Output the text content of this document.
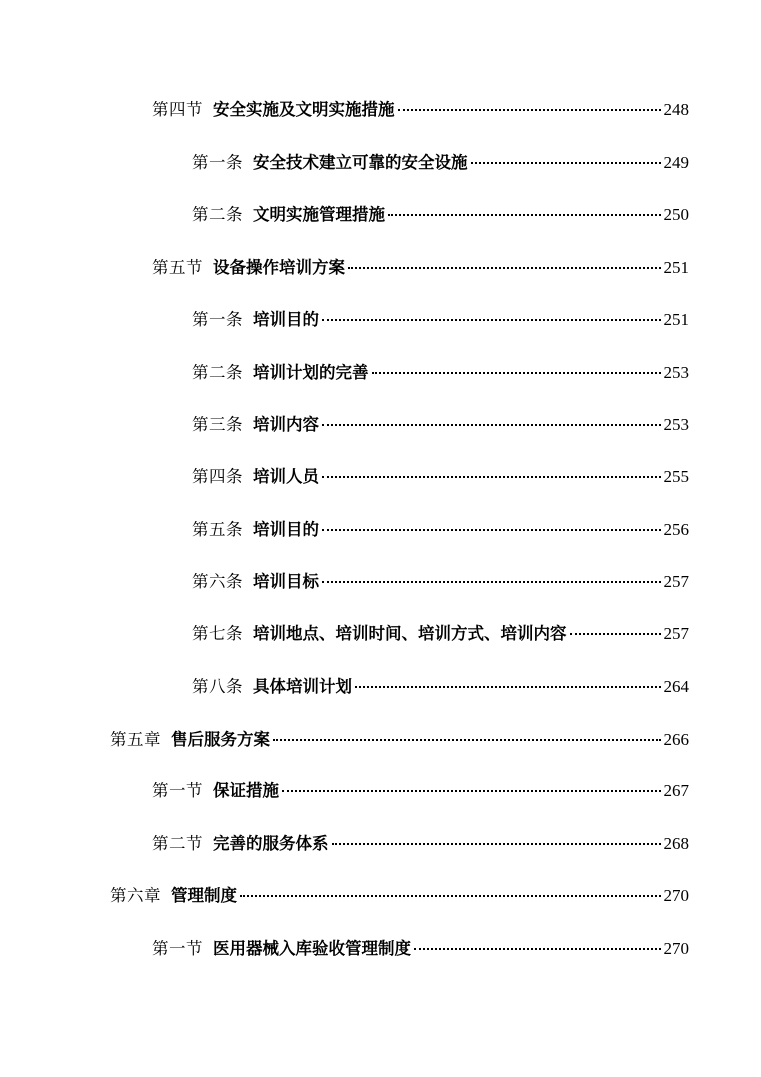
第四节 安全实施及文明实施措施	248
第一条 安全技术建立可靠的安全设施	249
第二条 文明实施管理措施	250
第五节 设备操作培训方案	251
第一条 培训目的	251
第二条 培训计划的完善	253
第三条 培训内容	253
第四条 培训人员	255
第五条 培训目的	256
第六条 培训目标	257
第七条 培训地点、培训时间、培训方式、培训内容	257
第八条 具体培训计划	264
第五章 售后服务方案	266
第一节 保证措施	267
第二节 完善的服务体系	268
第六章 管理制度	270
第一节 医用器械入库验收管理制度	270
